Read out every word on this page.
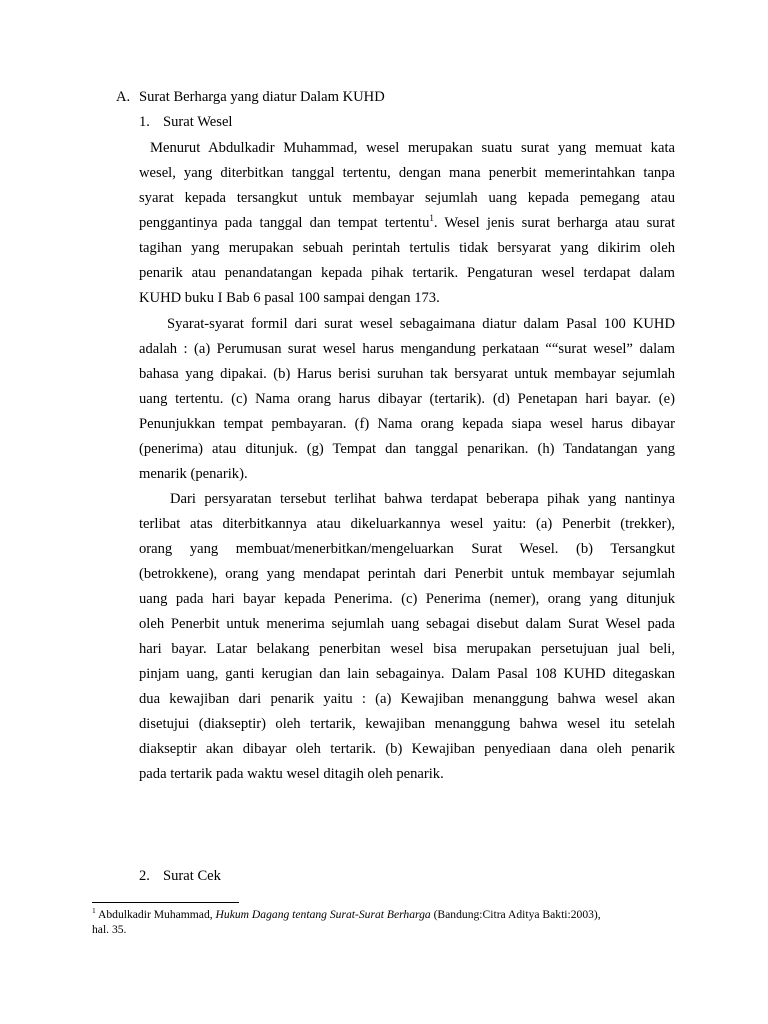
A. Surat Berharga yang diatur Dalam KUHD
1. Surat Wesel
Menurut Abdulkadir Muhammad, wesel merupakan suatu surat yang memuat kata
wesel, yang diterbitkan tanggal tertentu, dengan mana penerbit memerintahkan tanpa
syarat kepada tersangkut untuk membayar sejumlah uang kepada pemegang atau
penggantinya pada tanggal dan tempat tertentu$^1$. Wesel jenis surat berharga atau surat
tagihan yang merupakan sebuah perintah tertulis tidak bersyarat yang dikirim oleh
penarik atau penandatangan kepada pihak tertarik. Pengaturan wesel terdapat dalam
KUHD buku I Bab 6 pasal 100 sampai dengan 173.
Syarat-syarat formil dari surat wesel sebagaimana diatur dalam Pasal 100 KUHD
adalah : (a) Perumusan surat wesel harus mengandung perkataan ““surat wesel” dalam
bahasa yang dipakai. (b) Harus berisi suruhan tak bersyarat untuk membayar sejumlah
uang tertentu. (c) Nama orang harus dibayar (tertarik). (d) Penetapan hari bayar. (e)
Penunjukkan tempat pembayaran. (f) Nama orang kepada siapa wesel harus dibayar
(penerima) atau ditunjuk. (g) Tempat dan tanggal penarikan. (h) Tandatangan yang
menarik (penarik).
Dari persyaratan tersebut terlihat bahwa terdapat beberapa pihak yang nantinya
terlibat atas diterbitkannya atau dikeluarkannya wesel yaitu: (a) Penerbit (trekker),
orang yang membuat/menerbitkan/mengeluarkan Surat Wesel. (b) Tersangkut
(betrokkene), orang yang mendapat perintah dari Penerbit untuk membayar sejumlah
uang pada hari bayar kepada Penerima. (c) Penerima (nemer), orang yang ditunjuk
oleh Penerbit untuk menerima sejumlah uang sebagai disebut dalam Surat Wesel pada
hari bayar. Latar belakang penerbitan wesel bisa merupakan persetujuan jual beli,
pinjam uang, ganti kerugian dan lain sebagainya. Dalam Pasal 108 KUHD ditegaskan
dua kewajiban dari penarik yaitu : (a) Kewajiban menanggung bahwa wesel akan
disetujui (diakseptir) oleh tertarik, kewajiban menanggung bahwa wesel itu setelah
diakseptir akan dibayar oleh tertarik. (b) Kewajiban penyediaan dana oleh penarik
pada tertarik pada waktu wesel ditagih oleh penarik.
2. Surat Cek
$^1$ Abdulkadir Muhammad, Hukum Dagang tentang Surat-Surat Berharga (Bandung:Citra Aditya Bakti:2003),
hal. 35.
